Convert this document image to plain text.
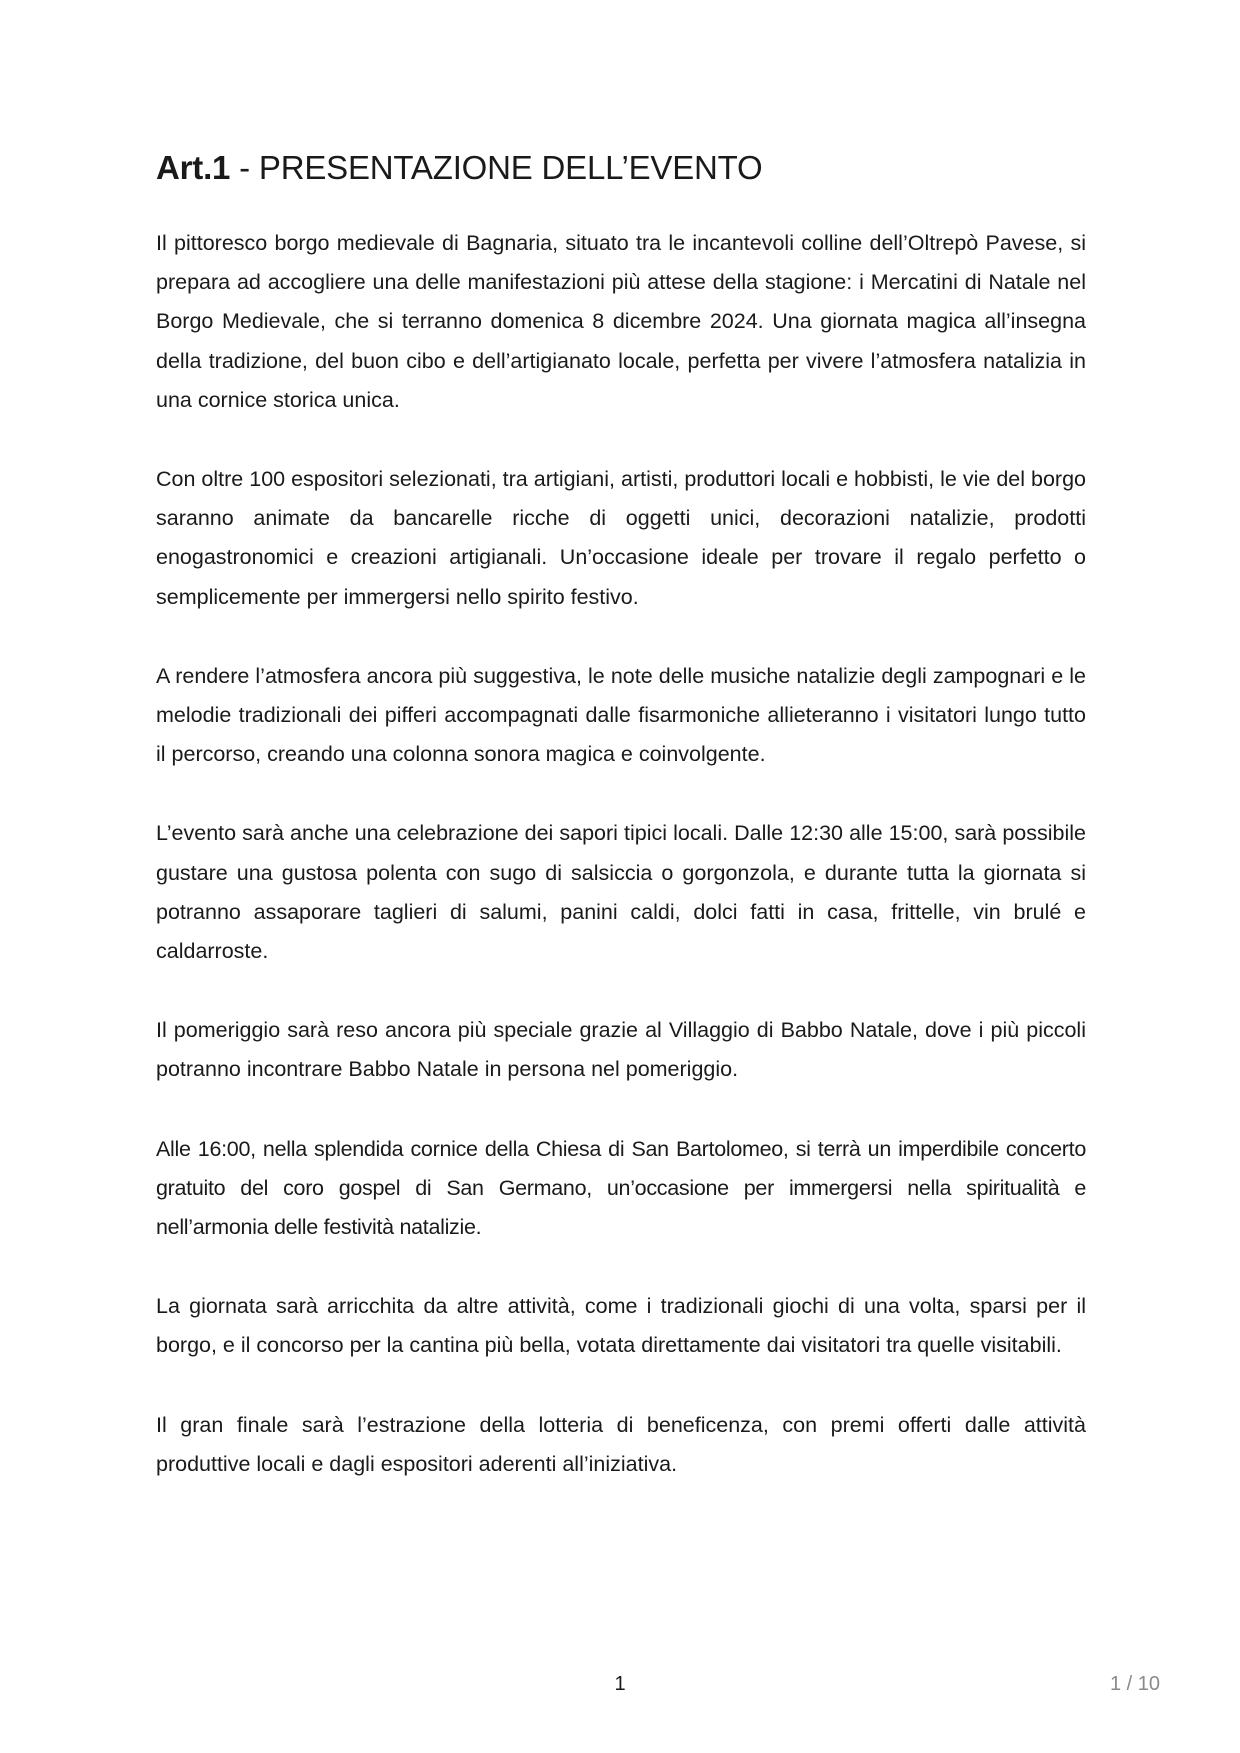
Art.1 - PRESENTAZIONE DELL’EVENTO

Il pittoresco borgo medievale di Bagnaria, situato tra le incantevoli colline dell’Oltrepò Pavese, si prepara ad accogliere una delle manifestazioni più attese della stagione: i Mercatini di Natale nel Borgo Medievale, che si terranno domenica 8 dicembre 2024. Una giornata magica all’insegna della tradizione, del buon cibo e dell’artigianato locale, perfetta per vivere l’atmosfera natalizia in una cornice storica unica.

Con oltre 100 espositori selezionati, tra artigiani, artisti, produttori locali e hobbisti, le vie del borgo saranno animate da bancarelle ricche di oggetti unici, decorazioni natalizie, prodotti enogastronomici e creazioni artigianali. Un’occasione ideale per trovare il regalo perfetto o semplicemente per immergersi nello spirito festivo.

A rendere l’atmosfera ancora più suggestiva, le note delle musiche natalizie degli zampognari e le melodie tradizionali dei pifferi accompagnati dalle fisarmoniche allieteranno i visitatori lungo tutto il percorso, creando una colonna sonora magica e coinvolgente.

L’evento sarà anche una celebrazione dei sapori tipici locali. Dalle 12:30 alle 15:00, sarà possibile gustare una gustosa polenta con sugo di salsiccia o gorgonzola, e durante tutta la giornata si potranno assaporare taglieri di salumi, panini caldi, dolci fatti in casa, frittelle, vin brulé e caldarroste.

Il pomeriggio sarà reso ancora più speciale grazie al Villaggio di Babbo Natale, dove i più piccoli potranno incontrare Babbo Natale in persona nel pomeriggio.

Alle 16:00, nella splendida cornice della Chiesa di San Bartolomeo, si terrà un imperdibile concerto gratuito del coro gospel di San Germano, un’occasione per immergersi nella spiritualità e nell’armonia delle festività natalizie.

La giornata sarà arricchita da altre attività, come i tradizionali giochi di una volta, sparsi per il borgo, e il concorso per la cantina più bella, votata direttamente dai visitatori tra quelle visitabili.

Il gran finale sarà l’estrazione della lotteria di beneficenza, con premi offerti dalle attività produttive locali e dagli espositori aderenti all’iniziativa.

1	1 / 10
